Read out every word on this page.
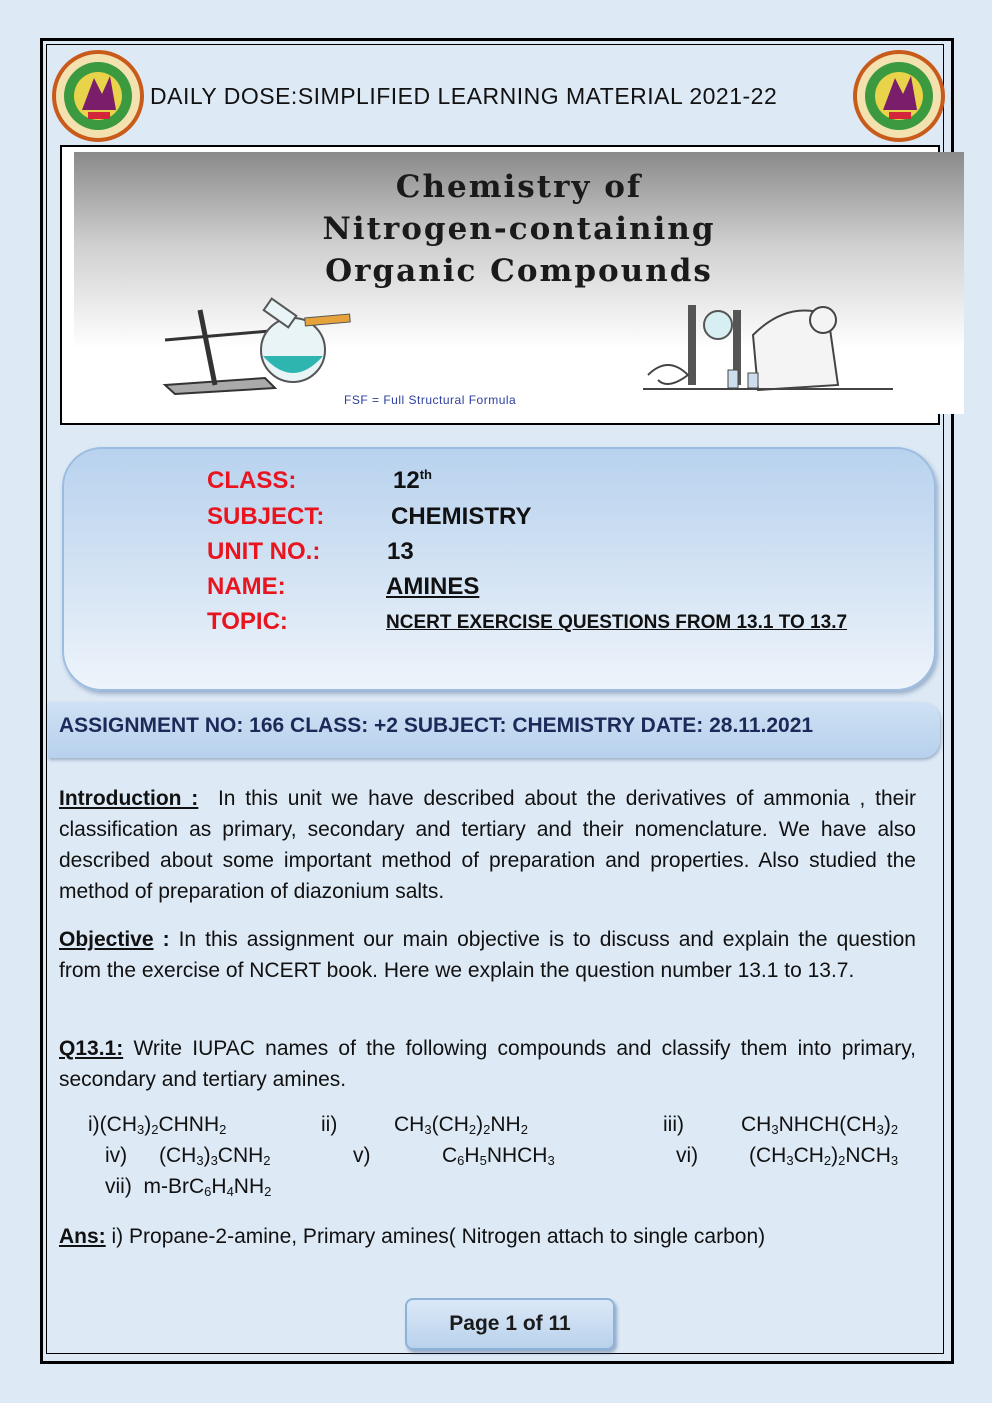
DAILY DOSE:SIMPLIFIED LEARNING MATERIAL 2021-22
Chemistry of
Nitrogen-containing
Organic Compounds
FSF = Full Structural Formula
CLASS:	12th
SUBJECT:	CHEMISTRY
UNIT NO.:	13
NAME:	AMINES
TOPIC:	NCERT EXERCISE QUESTIONS FROM 13.1 TO 13.7
ASSIGNMENT NO: 166 CLASS: +2 SUBJECT: CHEMISTRY DATE: 28.11.2021
Introduction : In this unit we have described about the derivatives of ammonia , their classification as primary, secondary and tertiary and their nomenclature. We have also described about some important method of preparation and properties. Also studied the method of preparation of diazonium salts.
Objective : In this assignment our main objective is to discuss and explain the question from the exercise of NCERT book. Here we explain the question number 13.1 to 13.7.
Q13.1: Write IUPAC names of the following compounds and classify them into primary, secondary and tertiary amines.
$i)(CH_3)_2CHNH_2$	ii)	$CH_3(CH_2)_2NH_2$	iii)	$CH_3NHCH(CH_3)_2$
iv) $(CH_3)_3CNH_2$	v)	$C_6H_5NHCH_3$	vi) $(CH_3CH_2)_2NCH_3$
vii)  $m-BrC_6H_4NH_2$
Ans: i) Propane-2-amine, Primary amines( Nitrogen attach to single carbon)
Page 1 of 11
